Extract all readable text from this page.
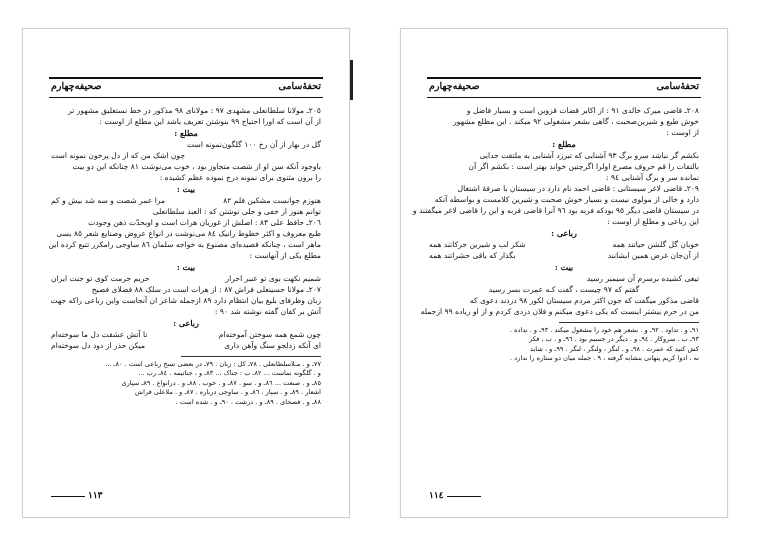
صحیفه‌چهارم	تحفهٔ‌سامی
٢٠٥ـ مولانا سلطانعلی مشهدی ٩٧ : مولانای ٩٨ مذکور در خط نستعلیق مشهور تر
از آن است که اورا احتیاج ٩٩ بنوشتن تعریف باشد این مطلع از اوست :
مطلع :
گل در بهار از آن رخ ١٠٠ گلگون‌نمونه است
چون اشک من که از دل پرخون نمونه است
باوجود آنکه سن او از شصت متجاوز بود ، خوب می‌نوشت ٨١ چنانکه این دو بیت
را برون مثنوی برای نمونه درج نموده عظم کشیده :
بیت :
هنوزم جوانست مشکین قلم ٨٢
مرا عمر شصت و سه شد بیش و کم
توانم هنوز از خفی و جلی نوشتن که : العبد سلطانعلی
٢٠٦ـ حافظ علی ٨٣ : اصلش از غوریان هرات است و اوبحدّت ذهن وجودت
طبع معروف و اکثر خطوط رانیک ٨٤ می‌نوشت در انواع عروض وصنایع شعر ٨٥ بسی
ماهر است ، چنانکه قصیده‌ای مصنوع به خواجه سلمان ٨٦ ساوجی رامکرر تتبع کرده این
مطلع یکی از آنهاست :
بیت :
شمیم نکهت بوی تو عنبر احرار
حریم حرمت کوی تو جنت ایران
٢٠٧ـ مولانا حسینعلی فراش ٨٧ : از هرات است در سلک ٨٨ فضلای فصیح
زبان وظرفای بلیغ بیان انتظام دارد ٨٩ ازجمله شاعر ان آنجاست واین رباعی راکه جهت
آتش بر کفان گفته نوشته شد ٩٠ :
رباعی :
چون شمع همه سوختن آموخته‌ام
تا آتش عشقت دل ما سوخته‌ام
ای آنکه زدلجو سنگ وآهن داری
میکن حذر از دود دل سوخته‌ام
٧٧ـ و . مـلاسلطانعلی . ٧٨ـ کل : زبان . ٧٩ـ در بعضی نسخ رباعی است . ٨٠ـ ...
و . گلگونه نماست ... ٨٢ـ ب : جناک ... ٨٣ـ و ، جنانیمه . ٨٤ـ رب ...
٨٥ـ و . صنعت ... ٨٦ـ و . سو . ٨٧ـ و . خوب . ٨٨ـ و . درانواع . ٨٩ـ سپاری
اشعار . ٨٩ـ و . سپار . ٨٦ـ و . ساوجی درباره . ٨٧ـ و . ملاعلی فراش
٨٨ـ و . فصحای . ٨٩ـ و . درشت . ٩٠ـ و . شده است .
١١٣
صحیفه‌چهارم	تحفهٔ‌سامی
٢٠٨ـ قاضی میرک خالدی ٩١ : از اکابر قضات قزوین است و بسیار فاضل و
خوش طبع و شیرین‌صحبت ، گاهی بشعر مشغولی ٩٢ میکند . این مطلع مشهور
از اوست :
مطلع :
بکشم گر نباشد سرو برگ ٩٣ آشنایی که تبرزد آشنایی به ملتقت جدایی
بالتفات را قم حروف مصرع اولرا اگرچنین خواند بهتر است : بکشم اگر آن
نمانده سر و برگ آشنایی ٩٤ :
٢٠٩ـ قاضی لاغر سیستانی : قاضی احمد نام دارد در سیستان با صرفهٔ اشتغال
دارد و خالی از مولوی نیست و بسیار خوش صحبت و شیرین کلامست و بواسطه آنکه
در سیستان قاضی دیگر ٩٥ بودکه فربه بود ٩٦ آنرا قاضی فربه و این را قاضی لاغر میگفتند و
این رباعی و مطلع از اوست :
رباعی :
خوبان گل گلشن حیاتند همه
شکر لب و شیرین حرکاتند همه
از آن‌جان غرض همین ایشانند
بگذار که باقی حشراتند همه
بیت :
تیغی کشیده برسرم آن سیمبر رسید
گفتم که ٩٧ چیست ، گفت کـه عمرت بسر رسید
قاضی مذکور میگفت که جون اکثر مردم سیستان لکور ٩٨ دزدند دعوی که
من در حرم بیشتر اینست که یکی دعوی میکنم و فلان دزدی کردم و از او زیاده ٩٩ ازجمله
٩١ـ و . تداود . ٩٢ـ و . بشعر هم خود را مشغول میکند . ٩٣ـ و . نداده .
٩٣ـ ب . سروکار . ٩٤ـ و . دیگر در جسیم بود . ٩٦ـ و ، ب ، فکر
کش کنید که عمرت . ٩٨ـ و . لنگر ، ولنگر ، لنگر . ٩٩ـ و ، شاید
نه ، ادوا کریم پنهانی بنشابه گرفته ، ٩ . جمله میان دو ستاره را ندارد .
١١٤
